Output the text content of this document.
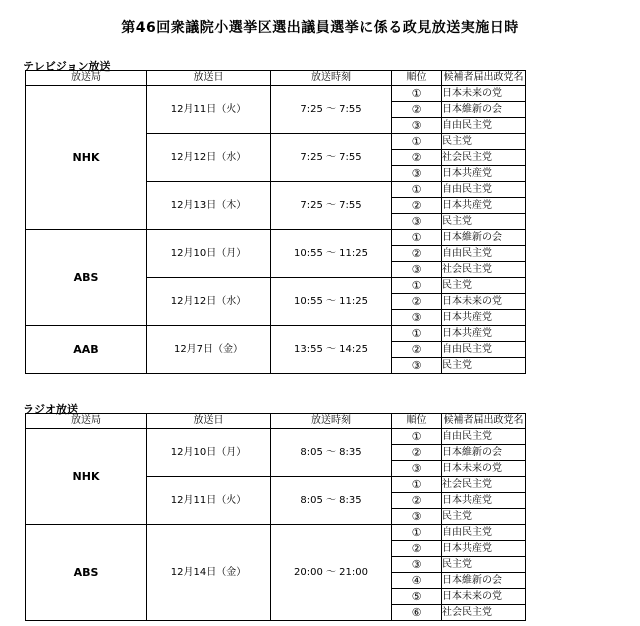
第46回衆議院小選挙区選出議員選挙に係る政見放送実施日時
テレビジョン放送
放送局	放送日	放送時刻	順位	候補者届出政党名
NHK	12月11日（火）	7:25 ～ 7:55	①	日本未来の党
			②	日本維新の会
			③	自由民主党
	12月12日（水）	7:25 ～ 7:55	①	民主党
			②	社会民主党
			③	日本共産党
	12月13日（木）	7:25 ～ 7:55	①	自由民主党
			②	日本共産党
			③	民主党
ABS	12月10日（月）	10:55 ～ 11:25	①	日本維新の会
			②	自由民主党
			③	社会民主党
	12月12日（水）	10:55 ～ 11:25	①	民主党
			②	日本未来の党
			③	日本共産党
AAB	12月7日（金）	13:55 ～ 14:25	①	日本共産党
			②	自由民主党
			③	民主党
ラジオ放送
放送局	放送日	放送時刻	順位	候補者届出政党名
NHK	12月10日（月）	8:05 ～ 8:35	①	自由民主党
			②	日本維新の会
			③	日本未来の党
	12月11日（火）	8:05 ～ 8:35	①	社会民主党
			②	日本共産党
			③	民主党
ABS	12月14日（金）	20:00 ～ 21:00	①	自由民主党
			②	日本共産党
			③	民主党
			④	日本維新の会
			⑤	日本未来の党
			⑥	社会民主党
